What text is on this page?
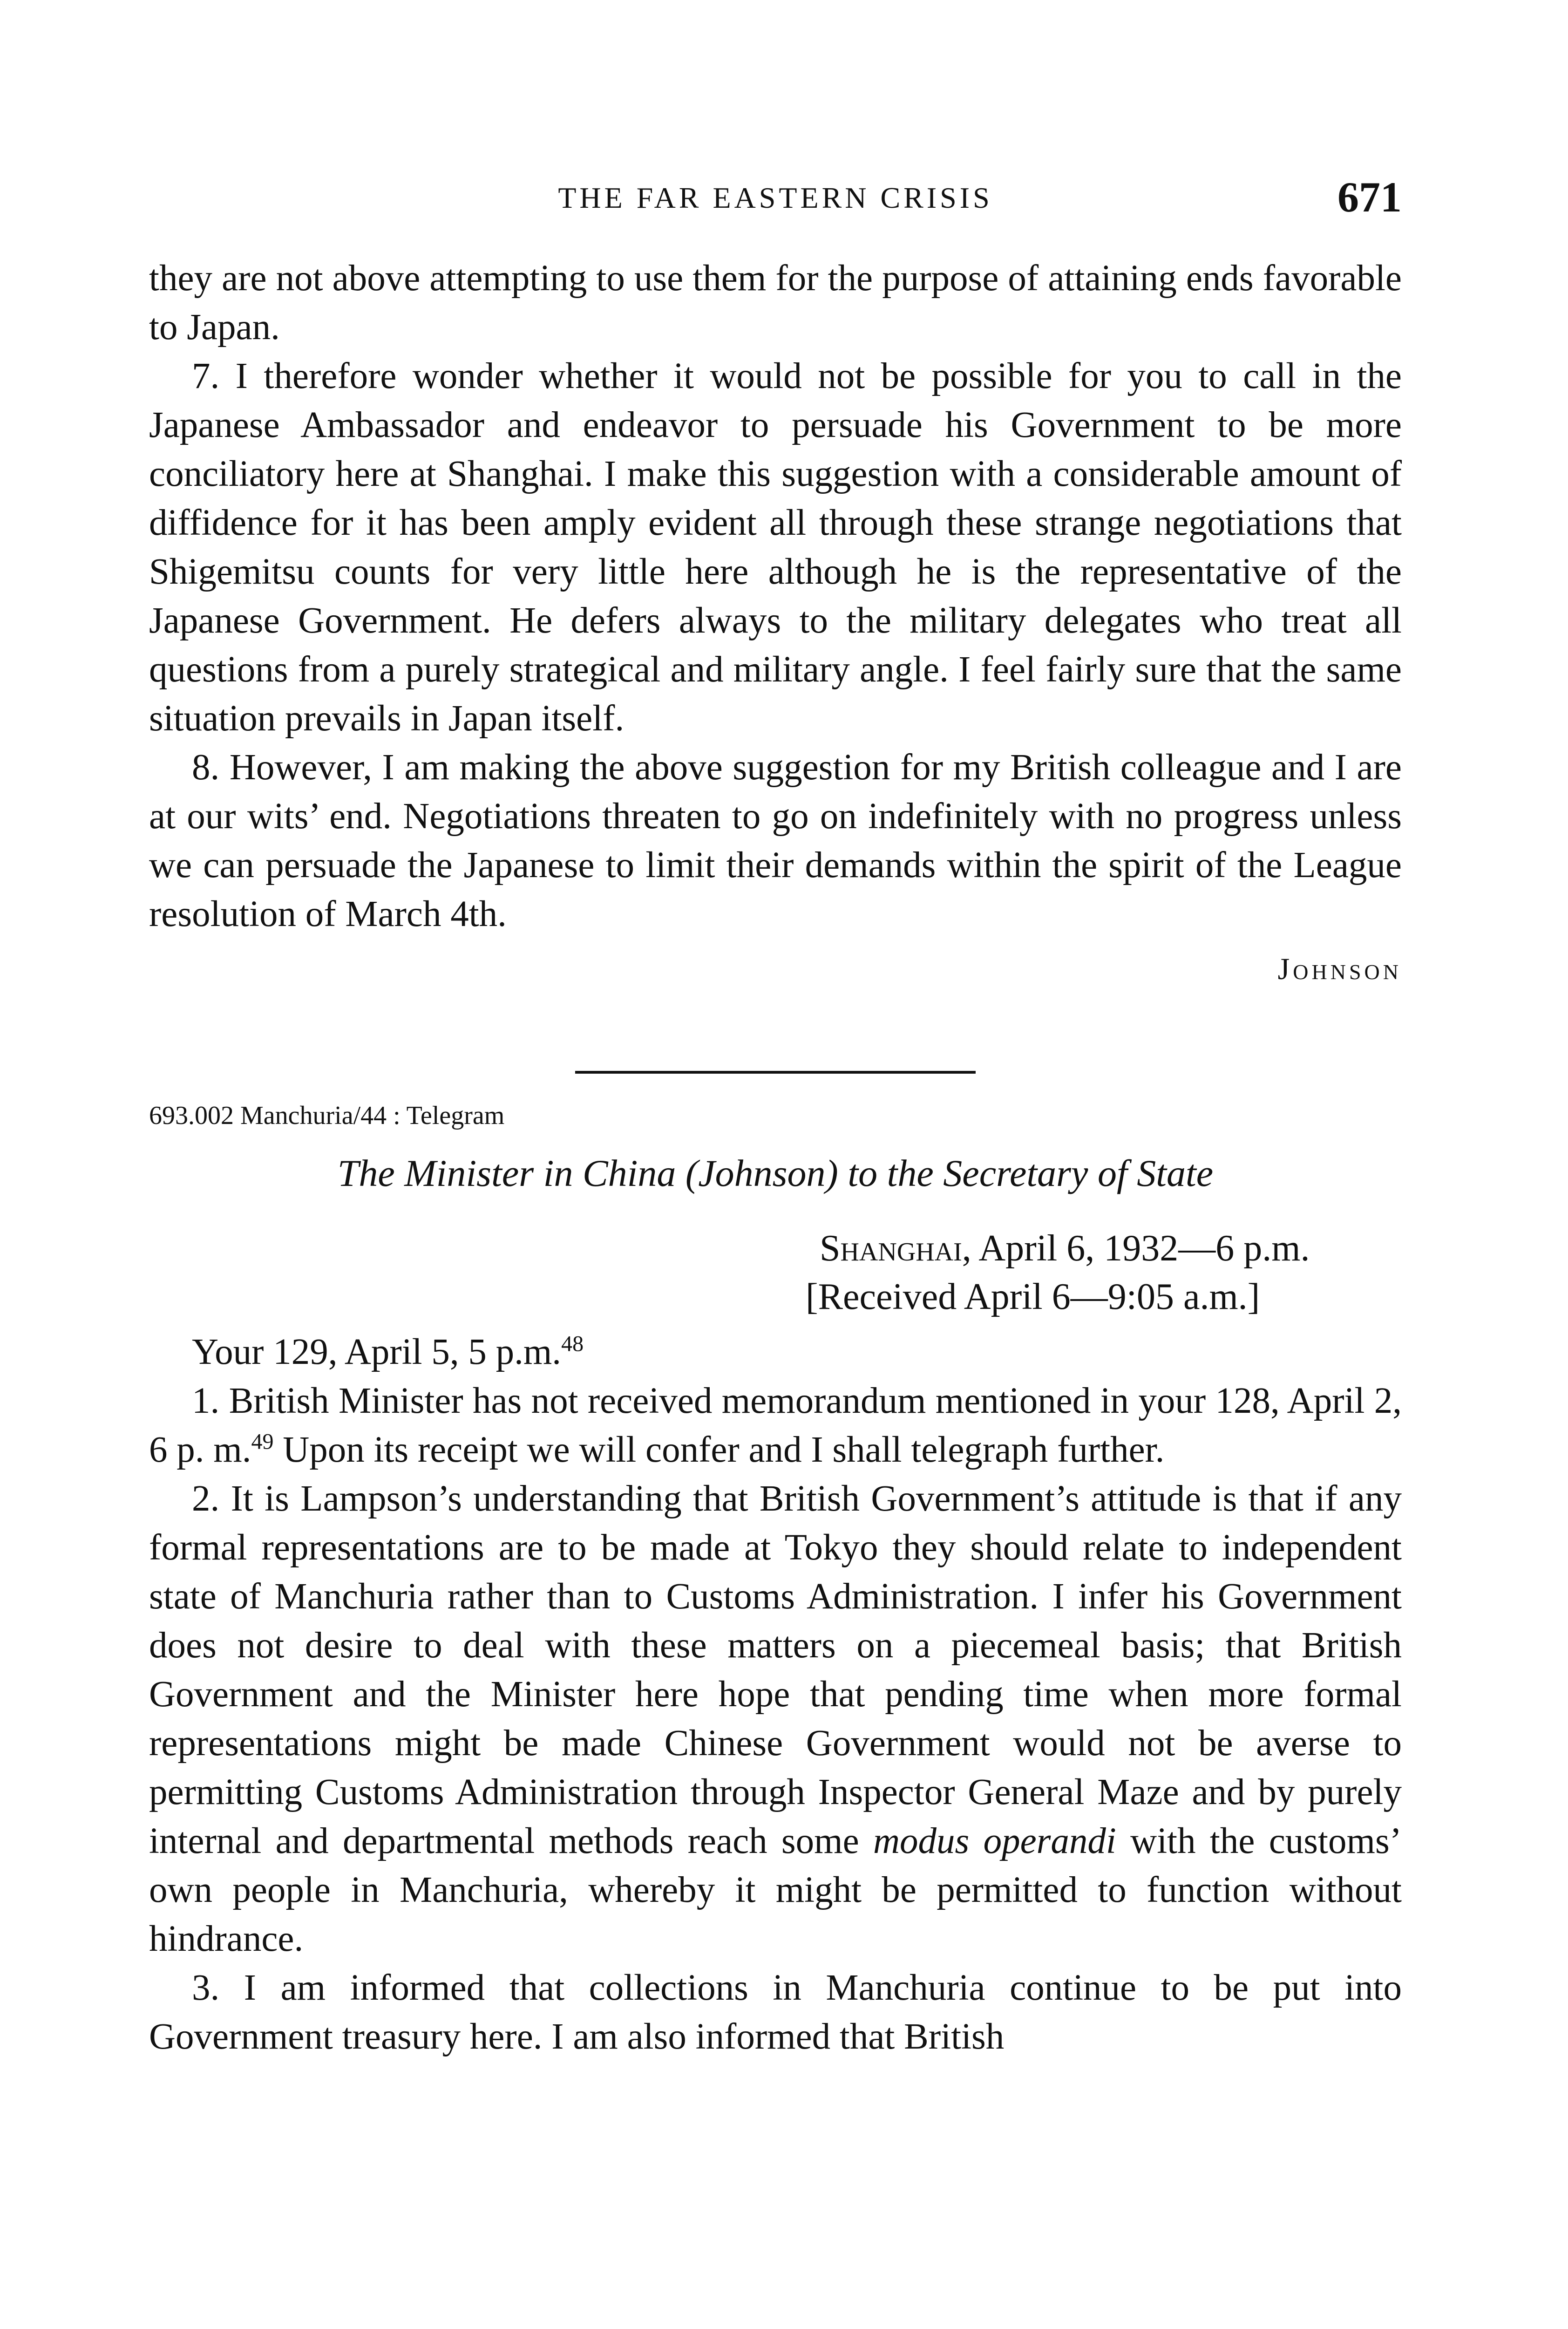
THE FAR EASTERN CRISIS	671

they are not above attempting to use them for the purpose of attaining ends favorable to Japan.

7. I therefore wonder whether it would not be possible for you to call in the Japanese Ambassador and endeavor to persuade his Government to be more conciliatory here at Shanghai. I make this suggestion with a considerable amount of diffidence for it has been amply evident all through these strange negotiations that Shigemitsu counts for very little here although he is the representative of the Japanese Government. He defers always to the military delegates who treat all questions from a purely strategical and military angle. I feel fairly sure that the same situation prevails in Japan itself.

8. However, I am making the above suggestion for my British colleague and I are at our wits’ end. Negotiations threaten to go on indefinitely with no progress unless we can persuade the Japanese to limit their demands within the spirit of the League resolution of March 4th.

Johnson
693.002 Manchuria/44 : Telegram
The Minister in China (Johnson) to the Secretary of State
Shanghai, April 6, 1932—6 p.m.
[Received April 6—9:05 a.m.]
Your 129, April 5, 5 p.m.$^{48}$

1. British Minister has not received memorandum mentioned in your 128, April 2, 6 p. m.$^{49}$ Upon its receipt we will confer and I shall telegraph further.

2. It is Lampson’s understanding that British Government’s attitude is that if any formal representations are to be made at Tokyo they should relate to independent state of Manchuria rather than to Customs Administration. I infer his Government does not desire to deal with these matters on a piecemeal basis; that British Government and the Minister here hope that pending time when more formal representations might be made Chinese Government would not be averse to permitting Customs Administration through Inspector General Maze and by purely internal and departmental methods reach some modus operandi with the customs’ own people in Manchuria, whereby it might be permitted to function without hindrance.

3. I am informed that collections in Manchuria continue to be put into Government treasury here. I am also informed that British
